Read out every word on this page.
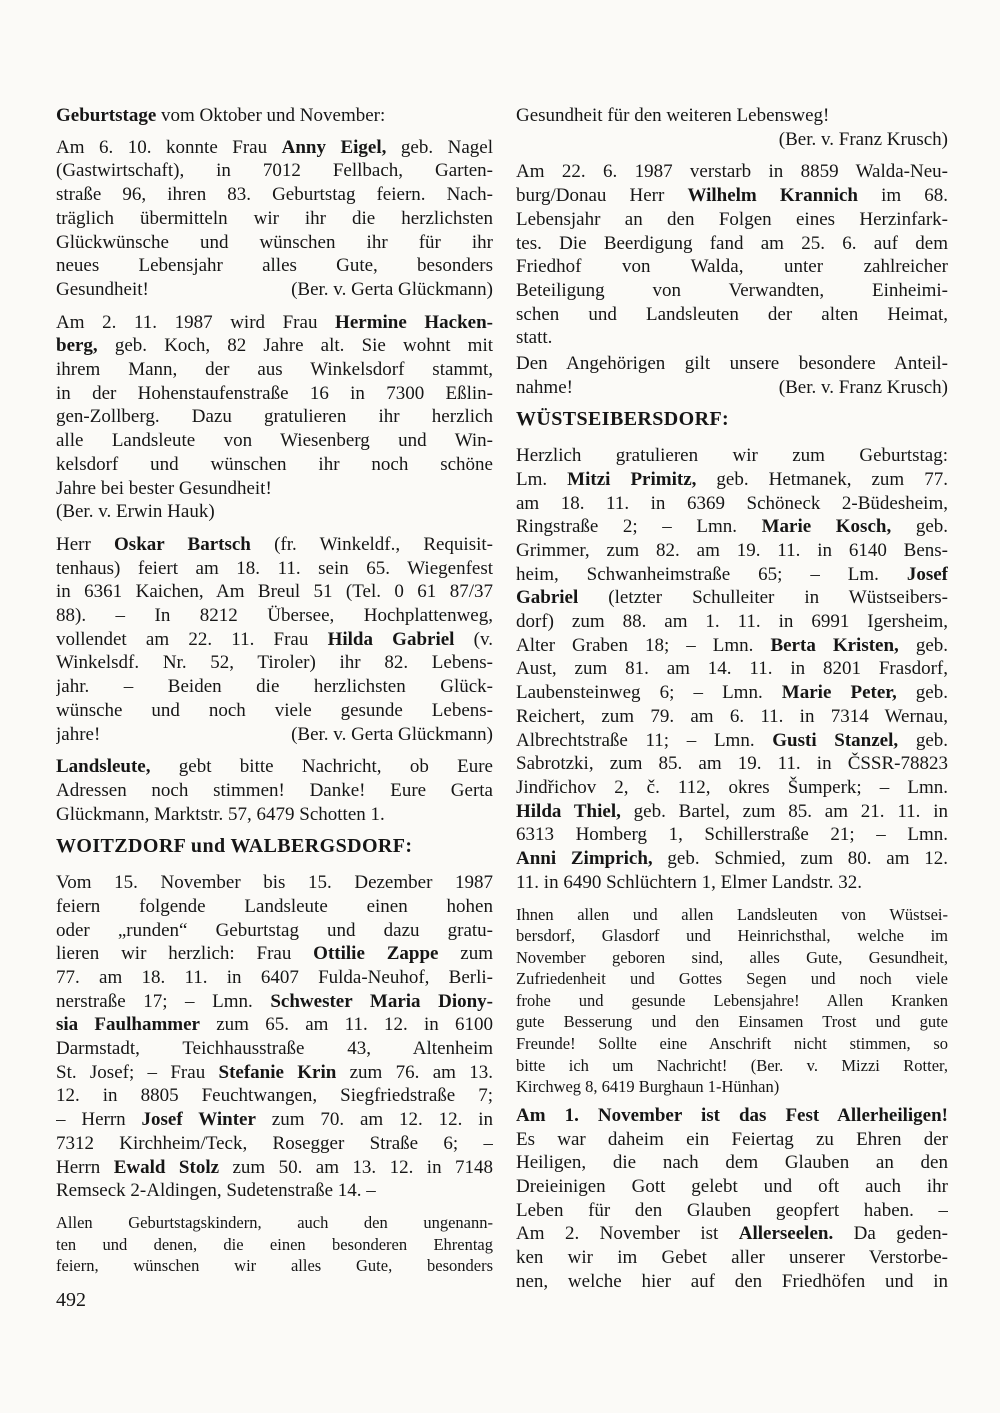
Geburtstage vom Oktober und November:
Am 6. 10. konnte Frau Anny Eigel, geb. Nagel
(Gastwirtschaft), in 7012 Fellbach, Garten-
straße 96, ihren 83. Geburtstag feiern. Nach-
träglich übermitteln wir ihr die herzlichsten
Glückwünsche und wünschen ihr für ihr
neues Lebensjahr alles Gute, besonders
Gesundheit!	(Ber. v. Gerta Glückmann)
Am 2. 11. 1987 wird Frau Hermine Hacken-
berg, geb. Koch, 82 Jahre alt. Sie wohnt mit
ihrem Mann, der aus Winkelsdorf stammt,
in der Hohenstaufenstraße 16 in 7300 Eßlin-
gen-Zollberg. Dazu gratulieren ihr herzlich
alle Landsleute von Wiesenberg und Win-
kelsdorf und wünschen ihr noch schöne
Jahre bei bester Gesundheit!
(Ber. v. Erwin Hauk)
Herr Oskar Bartsch (fr. Winkeldf., Requisit-
tenhaus) feiert am 18. 11. sein 65. Wiegenfest
in 6361 Kaichen, Am Breul 51 (Tel. 0 61 87/37
88). – In 8212 Übersee, Hochplattenweg,
vollendet am 22. 11. Frau Hilda Gabriel (v.
Winkelsdf. Nr. 52, Tiroler) ihr 82. Lebens-
jahr. – Beiden die herzlichsten Glück-
wünsche und noch viele gesunde Lebens-
jahre!	(Ber. v. Gerta Glückmann)
Landsleute, gebt bitte Nachricht, ob Eure
Adressen noch stimmen! Danke! Eure Gerta
Glückmann, Marktstr. 57, 6479 Schotten 1.
WOITZDORF und WALBERGSDORF:
Vom 15. November bis 15. Dezember 1987
feiern folgende Landsleute einen hohen
oder „runden“ Geburtstag und dazu gratu-
lieren wir herzlich: Frau Ottilie Zappe zum
77. am 18. 11. in 6407 Fulda-Neuhof, Berli-
nerstraße 17; – Lmn. Schwester Maria Diony-
sia Faulhammer zum 65. am 11. 12. in 6100
Darmstadt, Teichhausstraße 43, Altenheim
St. Josef; – Frau Stefanie Krin zum 76. am 13.
12. in 8805 Feuchtwangen, Siegfriedstraße 7;
– Herrn Josef Winter zum 70. am 12. 12. in
7312 Kirchheim/Teck, Rosegger Straße 6; –
Herrn Ewald Stolz zum 50. am 13. 12. in 7148
Remseck 2-Aldingen, Sudetenstraße 14. –
Allen Geburtstagskindern, auch den ungenann-
ten und denen, die einen besonderen Ehrentag
feiern, wünschen wir alles Gute, besonders
Gesundheit für den weiteren Lebensweg!
(Ber. v. Franz Krusch)
Am 22. 6. 1987 verstarb in 8859 Walda-Neu-
burg/Donau Herr Wilhelm Krannich im 68.
Lebensjahr an den Folgen eines Herzinfark-
tes. Die Beerdigung fand am 25. 6. auf dem
Friedhof von Walda, unter zahlreicher
Beteiligung von Verwandten, Einheimi-
schen und Landsleuten der alten Heimat,
statt.
Den Angehörigen gilt unsere besondere Anteil-
nahme!	(Ber. v. Franz Krusch)
WÜSTSEIBERSDORF:
Herzlich gratulieren wir zum Geburtstag:
Lm. Mitzi Primitz, geb. Hetmanek, zum 77.
am 18. 11. in 6369 Schöneck 2-Büdesheim,
Ringstraße 2; – Lmn. Marie Kosch, geb.
Grimmer, zum 82. am 19. 11. in 6140 Bens-
heim, Schwanheimstraße 65; – Lm. Josef
Gabriel (letzter Schulleiter in Wüstseibers-
dorf) zum 88. am 1. 11. in 6991 Igersheim,
Alter Graben 18; – Lmn. Berta Kristen, geb.
Aust, zum 81. am 14. 11. in 8201 Frasdorf,
Laubensteinweg 6; – Lmn. Marie Peter, geb.
Reichert, zum 79. am 6. 11. in 7314 Wernau,
Albrechtstraße 11; – Lmn. Gusti Stanzel, geb.
Sabrotzki, zum 85. am 19. 11. in ČSSR-78823
Jindřichov 2, č. 112, okres Šumperk; – Lmn.
Hilda Thiel, geb. Bartel, zum 85. am 21. 11. in
6313 Homberg 1, Schillerstraße 21; – Lmn.
Anni Zimprich, geb. Schmied, zum 80. am 12.
11. in 6490 Schlüchtern 1, Elmer Landstr. 32.
Ihnen allen und allen Landsleuten von Wüstsei-
bersdorf, Glasdorf und Heinrichsthal, welche im
November geboren sind, alles Gute, Gesundheit,
Zufriedenheit und Gottes Segen und noch viele
frohe und gesunde Lebensjahre! Allen Kranken
gute Besserung und den Einsamen Trost und gute
Freunde! Sollte eine Anschrift nicht stimmen, so
bitte ich um Nachricht! (Ber. v. Mizzi Rotter,
Kirchweg 8, 6419 Burghaun 1-Hünhan)
Am 1. November ist das Fest Allerheiligen!
Es war daheim ein Feiertag zu Ehren der
Heiligen, die nach dem Glauben an den
Dreieinigen Gott gelebt und oft auch ihr
Leben für den Glauben geopfert haben. –
Am 2. November ist Allerseelen. Da geden-
ken wir im Gebet aller unserer Verstorbe-
nen, welche hier auf den Friedhöfen und in
492
